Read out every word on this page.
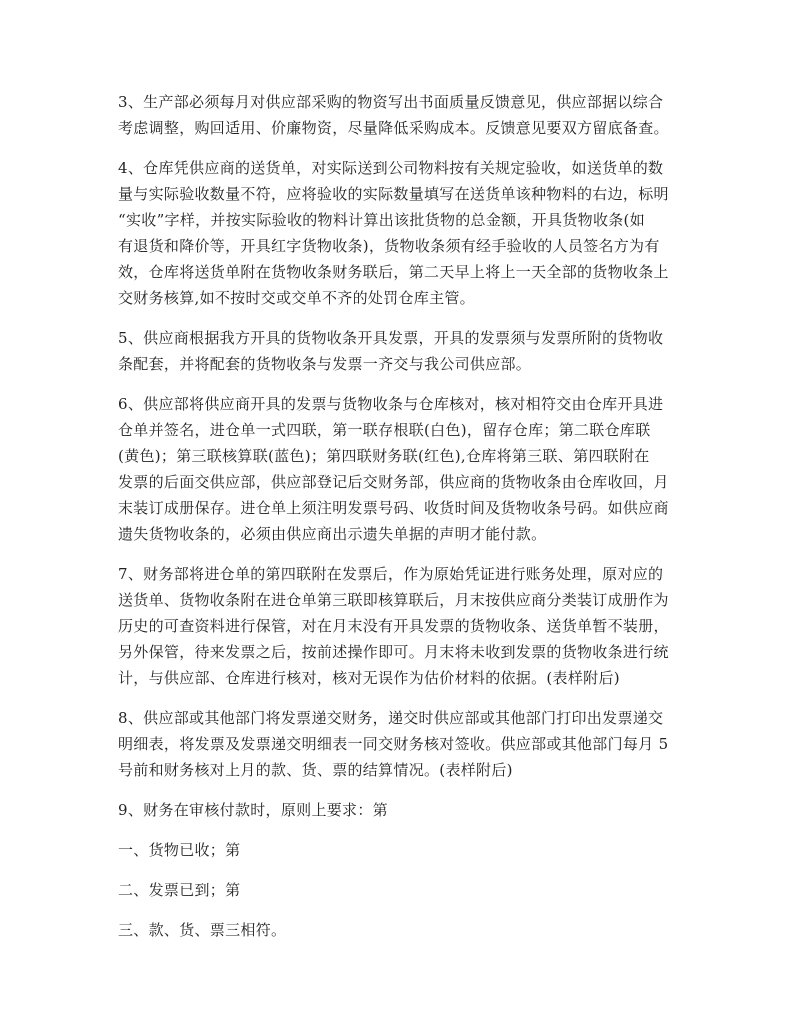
3、生产部必须每月对供应部采购的物资写出书面质量反馈意见，供应部据以综合
考虑调整，购回适用、价廉物资，尽量降低采购成本。反馈意见要双方留底备查。

4、仓库凭供应商的送货单，对实际送到公司物料按有关规定验收，如送货单的数
量与实际验收数量不符，应将验收的实际数量填写在送货单该种物料的右边，标明
“实收”字样，并按实际验收的物料计算出该批货物的总金额，开具货物收条(如
有退货和降价等，开具红字货物收条)，货物收条须有经手验收的人员签名方为有
效，仓库将送货单附在货物收条财务联后，第二天早上将上一天全部的货物收条上
交财务核算,如不按时交或交单不齐的处罚仓库主管。

5、供应商根据我方开具的货物收条开具发票，开具的发票须与发票所附的货物收
条配套，并将配套的货物收条与发票一齐交与我公司供应部。

6、供应部将供应商开具的发票与货物收条与仓库核对，核对相符交由仓库开具进
仓单并签名，进仓单一式四联，第一联存根联(白色)，留存仓库；第二联仓库联
(黄色)；第三联核算联(蓝色)；第四联财务联(红色),仓库将第三联、第四联附在
发票的后面交供应部，供应部登记后交财务部，供应商的货物收条由仓库收回，月
末装订成册保存。进仓单上须注明发票号码、收货时间及货物收条号码。如供应商
遗失货物收条的，必须由供应商出示遗失单据的声明才能付款。

7、财务部将进仓单的第四联附在发票后，作为原始凭证进行账务处理，原对应的
送货单、货物收条附在进仓单第三联即核算联后，月末按供应商分类装订成册作为
历史的可查资料进行保管，对在月末没有开具发票的货物收条、送货单暂不装册，
另外保管，待来发票之后，按前述操作即可。月末将未收到发票的货物收条进行统
计，与供应部、仓库进行核对，核对无误作为估价材料的依据。(表样附后)

8、供应部或其他部门将发票递交财务，递交时供应部或其他部门打印出发票递交
明细表，将发票及发票递交明细表一同交财务核对签收。供应部或其他部门每月 5
号前和财务核对上月的款、货、票的结算情况。(表样附后)

9、财务在审核付款时，原则上要求：第

一、货物已收；第

二、发票已到；第

三、款、货、票三相符。
